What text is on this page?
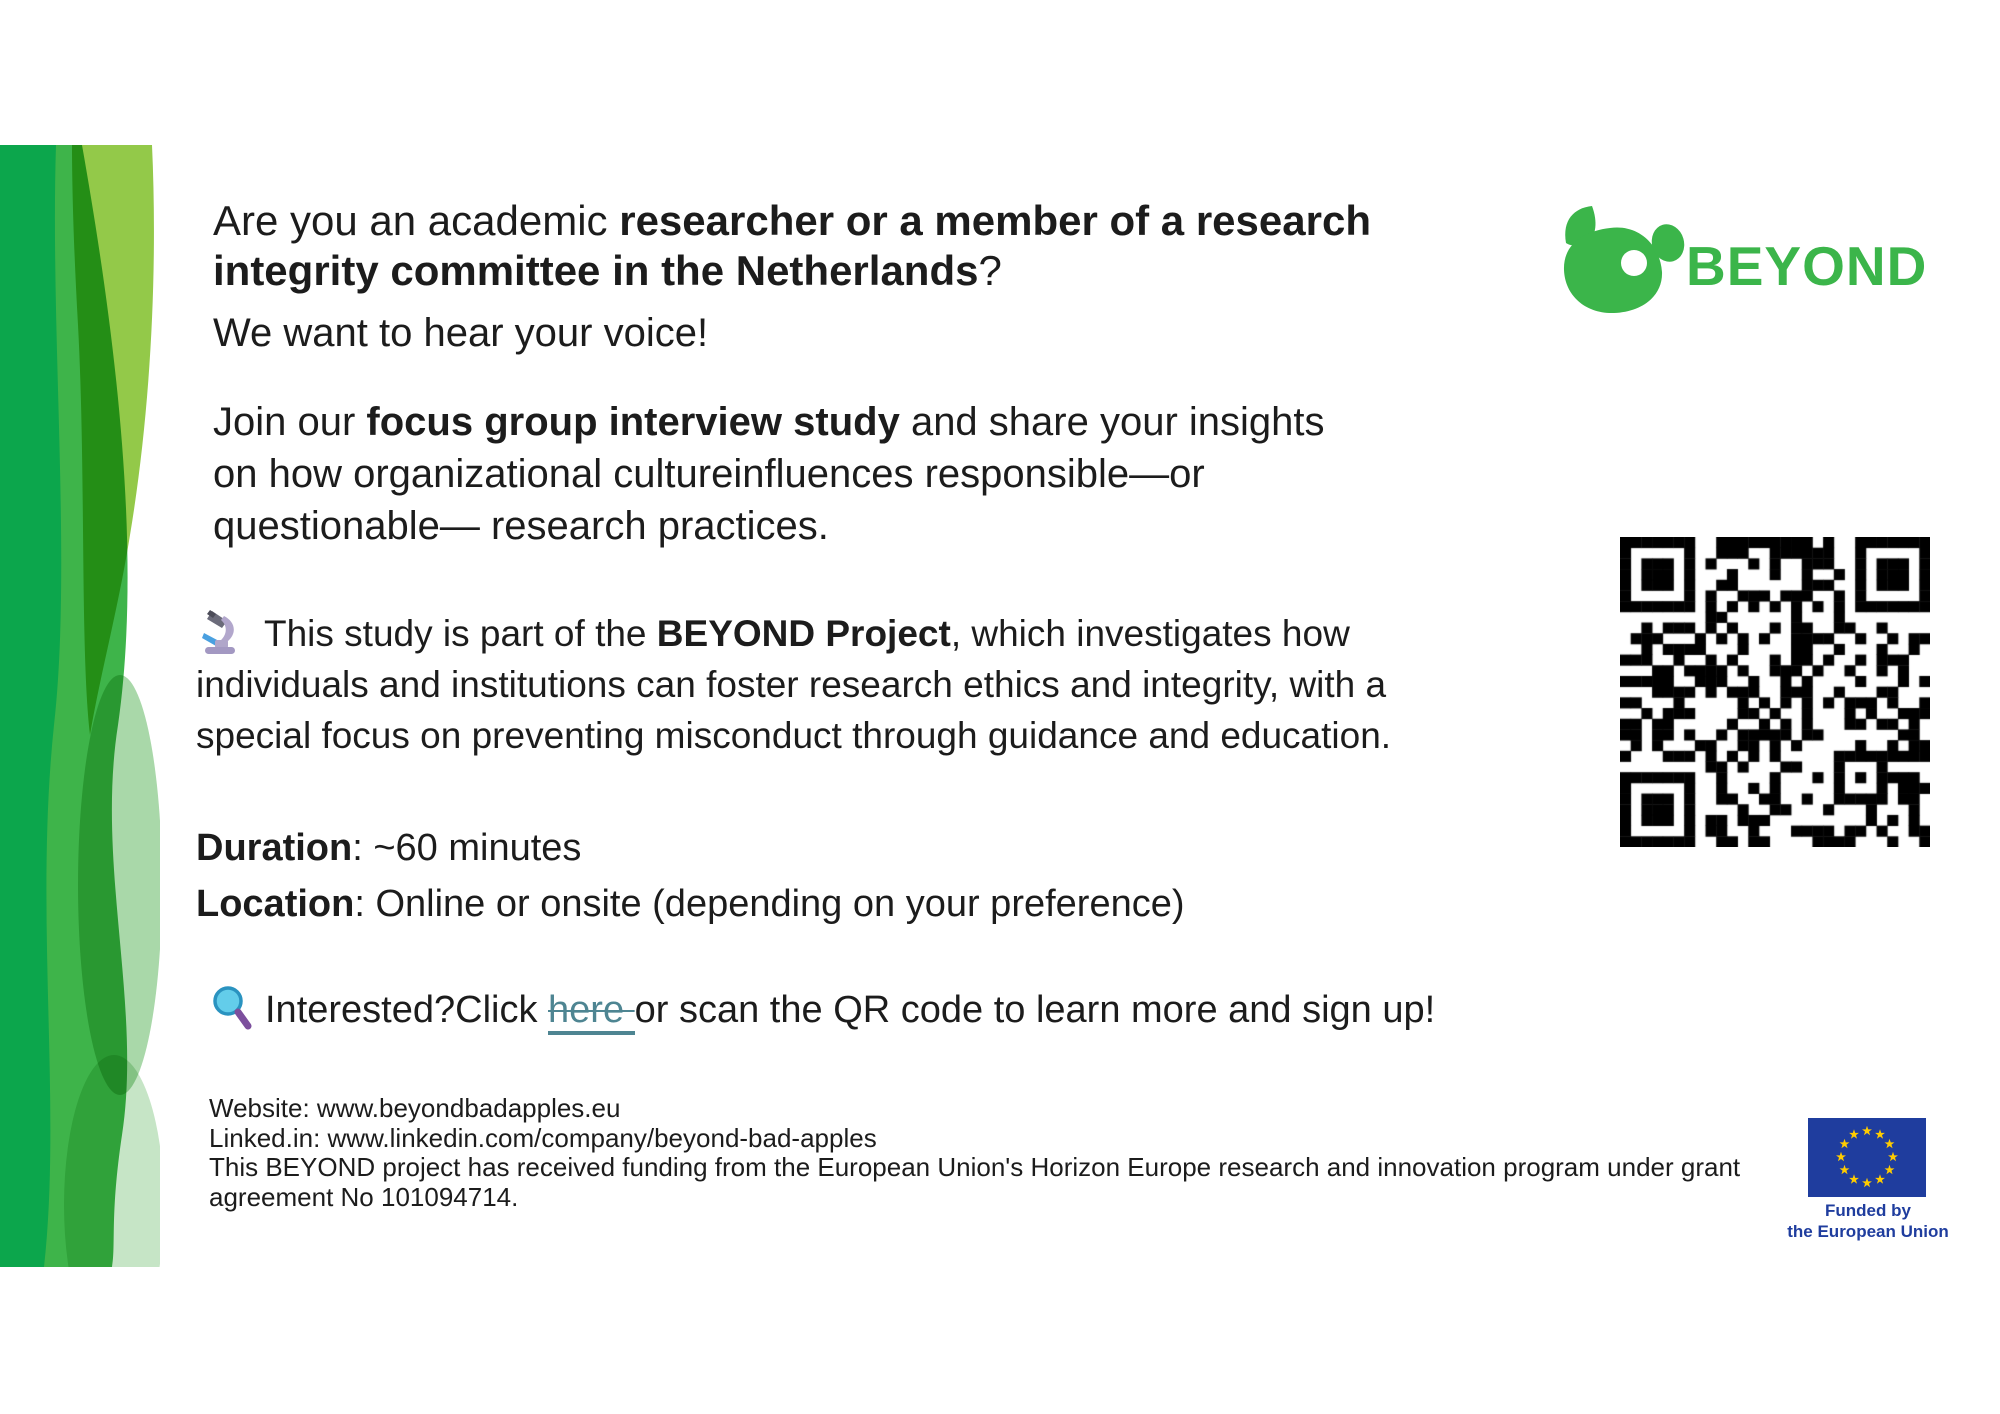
Are you an academic researcher or a member of a research
integrity committee in the Netherlands?
We want to hear your voice!
BEYOND
Join our focus group interview study and share your insights
on how organizational cultureinfluences responsible—or
questionable— research practices.
This study is part of the BEYOND Project, which investigates how
individuals and institutions can foster research ethics and integrity, with a
special focus on preventing misconduct through guidance and education.
Duration: ~60 minutes
Location: Online or onsite (depending on your preference)
Interested?Click here or scan the QR code to learn more and sign up!
Website: www.beyondbadapples.eu
Linked.in: www.linkedin.com/company/beyond-bad-apples
This BEYOND project has received funding from the European Union's Horizon Europe research and innovation program under grant
agreement No 101094714.	Funded by
the European Union
